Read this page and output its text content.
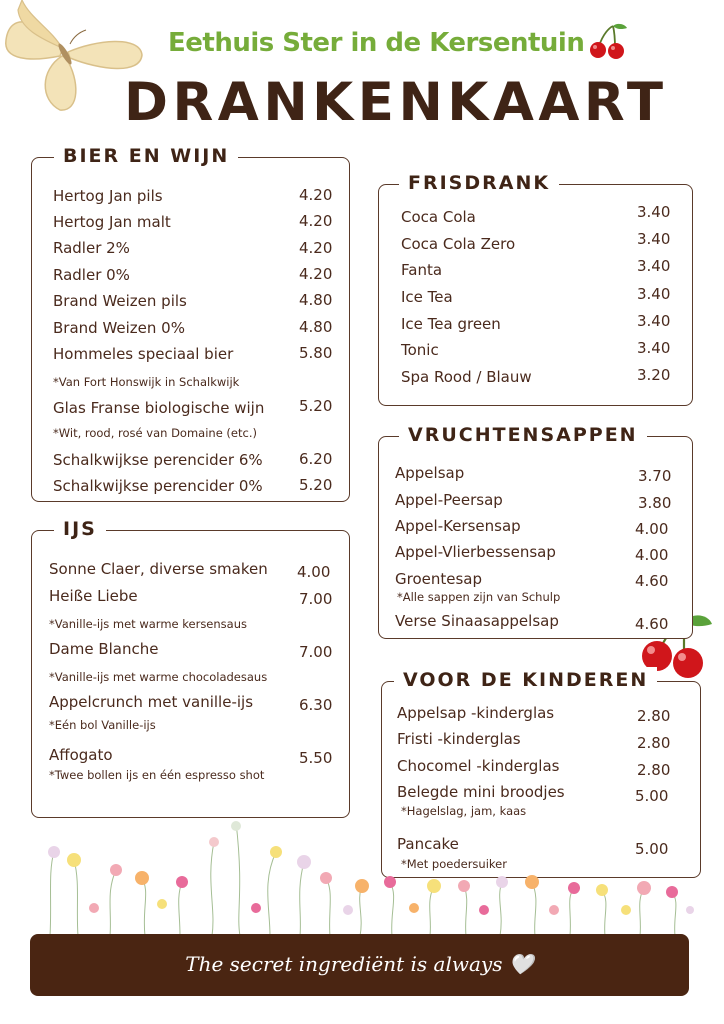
Eethuis Ster in de Kersentuin
DRANKENKAART
BIER EN WIJN
Hertog Jan pils	4.20
Hertog Jan malt	4.20
Radler 2%	4.20
Radler 0%	4.20
Brand Weizen pils	4.80
Brand Weizen 0%	4.80
Hommeles speciaal bier	5.80
*Van Fort Honswijk in Schalkwijk
Glas Franse biologische wijn 5.20
*Wit, rood, rosé van Domaine (etc.)
Schalkwijkse perencider 6% 6.20
Schalkwijkse perencider 0% 5.20
IJS
Sonne Claer, diverse smaken 4.00
Heiße Liebe	7.00
*Vanille-ijs met warme kersensaus
Dame Blanche	7.00
*Vanille-ijs met warme chocoladesaus
Appelcrunch met vanille-ijs	6.30
*Eén bol Vanille-ijs
Affogato	5.50
*Twee bollen ijs en één espresso shot
FRISDRANK
Coca Cola	3.40
Coca Cola Zero	3.40
Fanta	3.40
Ice Tea	3.40
Ice Tea green	3.40
Tonic	3.40
Spa Rood / Blauw	3.20
VRUCHTENSAPPEN
Appelsap	3.70
Appel-Peersap	3.80
Appel-Kersensap	4.00
Appel-Vlierbessensap	4.00
Groentesap	4.60
*Alle sappen zijn van Schulp
Verse Sinaasappelsap	4.60
VOOR DE KINDEREN
Appelsap -kinderglas	2.80
Fristi -kinderglas	2.80
Chocomel -kinderglas	2.80
Belegde mini broodjes	5.00
*Hagelslag, jam, kaas
Pancake	5.00
*Met poedersuiker
The secret ingrediënt is always 🤍
